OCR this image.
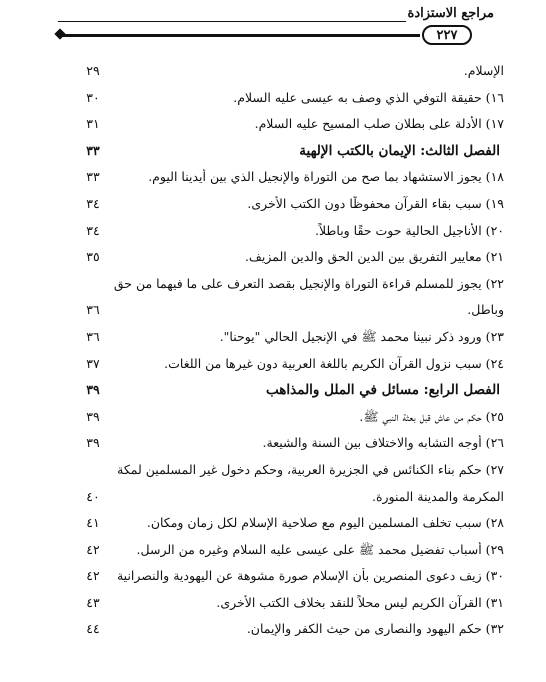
مراجع الاستزادة
٢٢٧
الإسلام.
٢٩
١٦) حقيقة التوفي الذي وصف به عيسى عليه السلام.
٣٠
١٧) الأدلة على بطلان صلب المسيح عليه السلام.
٣١
الفصل الثالث: الإيمان بالكتب الإلهية
٣٣
١٨) يجوز الاستشهاد بما صح من التوراة والإنجيل الذي بين أيدينا اليوم.
٣٣
١٩) سبب بقاء القرآن محفوظًا دون الكتب الأخرى.
٣٤
٢٠) الأناجيل الحالية حوت حقًا وباطلاً.
٣٤
٢١) معايير التفريق بين الدين الحق والدين المزيف.
٣٥
٢٢) يجوز للمسلم قراءة التوراة والإنجيل بقصد التعرف على ما فيهما من حق
وباطل.
٣٦
٢٣) ورود ذكر نبينا محمد ﷺ في الإنجيل الحالي "يوحنا".
٣٦
٢٤) سبب نزول القرآن الكريم باللغة العربية دون غيرها من اللغات.
٣٧
الفصل الرابع: مسائل في الملل والمذاهب
٣٩
٢٥) حكم من عاش قبل بعثة النبي ﷺ.
٣٩
٢٦) أوجه التشابه والاختلاف بين السنة والشيعة.
٣٩
٢٧) حكم بناء الكنائس في الجزيرة العربية، وحكم دخول غير المسلمين لمكة
المكرمة والمدينة المنورة.
٤٠
٢٨) سبب تخلف المسلمين اليوم مع صلاحية الإسلام لكل زمان ومكان.
٤١
٢٩) أسباب تفضيل محمد ﷺ على عيسى عليه السلام وغيره من الرسل.
٤٢
٣٠) زيف دعوى المنصرين بأن الإسلام صورة مشوهة عن اليهودية والنصرانية
٤٢
٣١) القرآن الكريم ليس محلاً للنقد بخلاف الكتب الأخرى.
٤٣
٣٢) حكم اليهود والنصارى من حيث الكفر والإيمان.
٤٤
